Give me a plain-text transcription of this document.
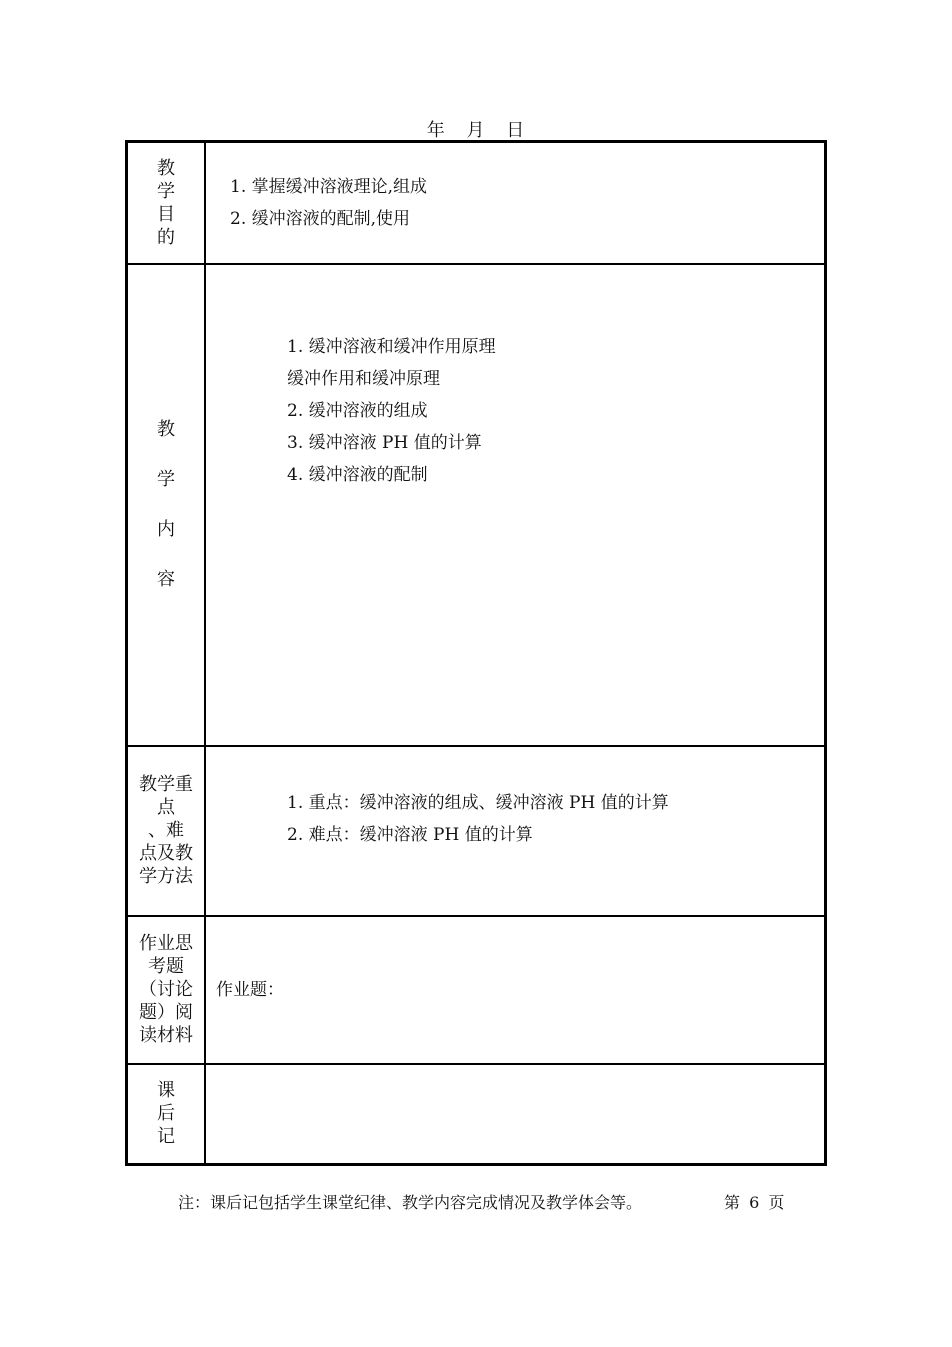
年 月 日
教
学
目
的	1. 掌握缓冲溶液理论,组成
2. 缓冲溶液的配制,使用

教
学
内
容	1. 缓冲溶液和缓冲作用原理
缓冲作用和缓冲原理
2. 缓冲溶液的组成
3. 缓冲溶液 PH 值的计算
4. 缓冲溶液的配制

教学重
点
、难
点及教
学方法	1. 重点：缓冲溶液的组成、缓冲溶液 PH 值的计算
2. 难点：缓冲溶液 PH 值的计算

作业思
考题
（讨论
题）阅
读材料	作业题：

课
后
记	

注：课后记包括学生课堂纪律、教学内容完成情况及教学体会等。	第 6 页
